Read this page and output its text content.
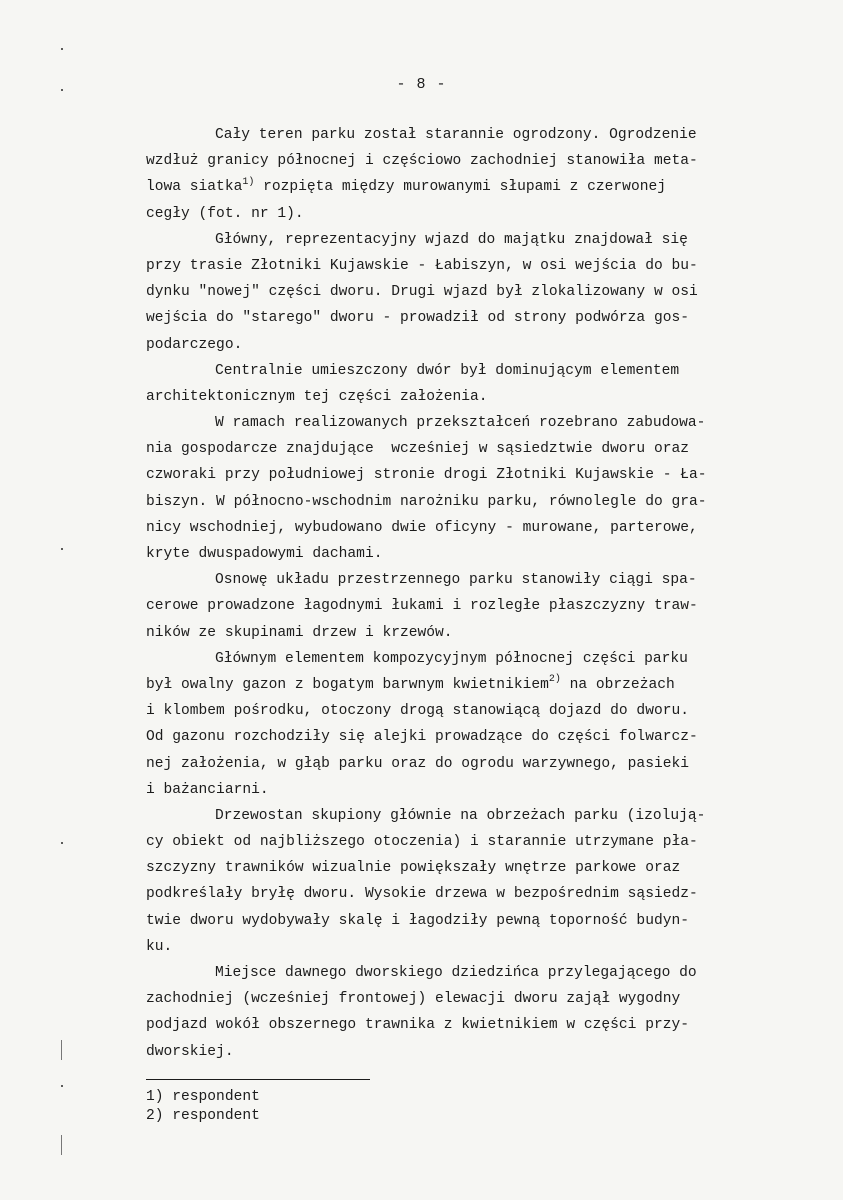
- 8 -
Cały teren parku został starannie ogrodzony. Ogrodzenie
wzdłuż granicy północnej i częściowo zachodniej stanowiła meta-
lowa siatka$^{1)}$ rozpięta między murowanymi słupami z czerwonej
cegły (fot. nr 1).
Główny, reprezentacyjny wjazd do majątku znajdował się
przy trasie Złotniki Kujawskie - Łabiszyn, w osi wejścia do bu-
dynku "nowej" części dworu. Drugi wjazd był zlokalizowany w osi
wejścia do "starego" dworu - prowadził od strony podwórza gos-
podarczego.
Centralnie umieszczony dwór był dominującym elementem
architektonicznym tej części założenia.
W ramach realizowanych przekształceń rozebrano zabudowa-
nia gospodarcze znajdujące  wcześniej w sąsiedztwie dworu oraz
czworaki przy południowej stronie drogi Złotniki Kujawskie - Ła-
biszyn. W północno-wschodnim narożniku parku, równolegle do gra-
nicy wschodniej, wybudowano dwie oficyny - murowane, parterowe,
kryte dwuspadowymi dachami.
Osnowę układu przestrzennego parku stanowiły ciągi spa-
cerowe prowadzone łagodnymi łukami i rozległe płaszczyzny traw-
ników ze skupinami drzew i krzewów.
Głównym elementem kompozycyjnym północnej części parku
był owalny gazon z bogatym barwnym kwietnikiem$^{2)}$ na obrzeżach
i klombem pośrodku, otoczony drogą stanowiącą dojazd do dworu.
Od gazonu rozchodziły się alejki prowadzące do części folwarcz-
nej założenia, w głąb parku oraz do ogrodu warzywnego, pasieki
i bażanciarni.
Drzewostan skupiony głównie na obrzeżach parku (izolują-
cy obiekt od najbliższego otoczenia) i starannie utrzymane pła-
szczyzny trawników wizualnie powiększały wnętrze parkowe oraz
podkreślały bryłę dworu. Wysokie drzewa w bezpośrednim sąsiedz-
twie dworu wydobywały skalę i łagodziły pewną toporność budyn-
ku.
Miejsce dawnego dworskiego dziedzińca przylegającego do
zachodniej (wcześniej frontowej) elewacji dworu zajął wygodny
podjazd wokół obszernego trawnika z kwietnikiem w części przy-
dworskiej.
1) respondent
2) respondent
